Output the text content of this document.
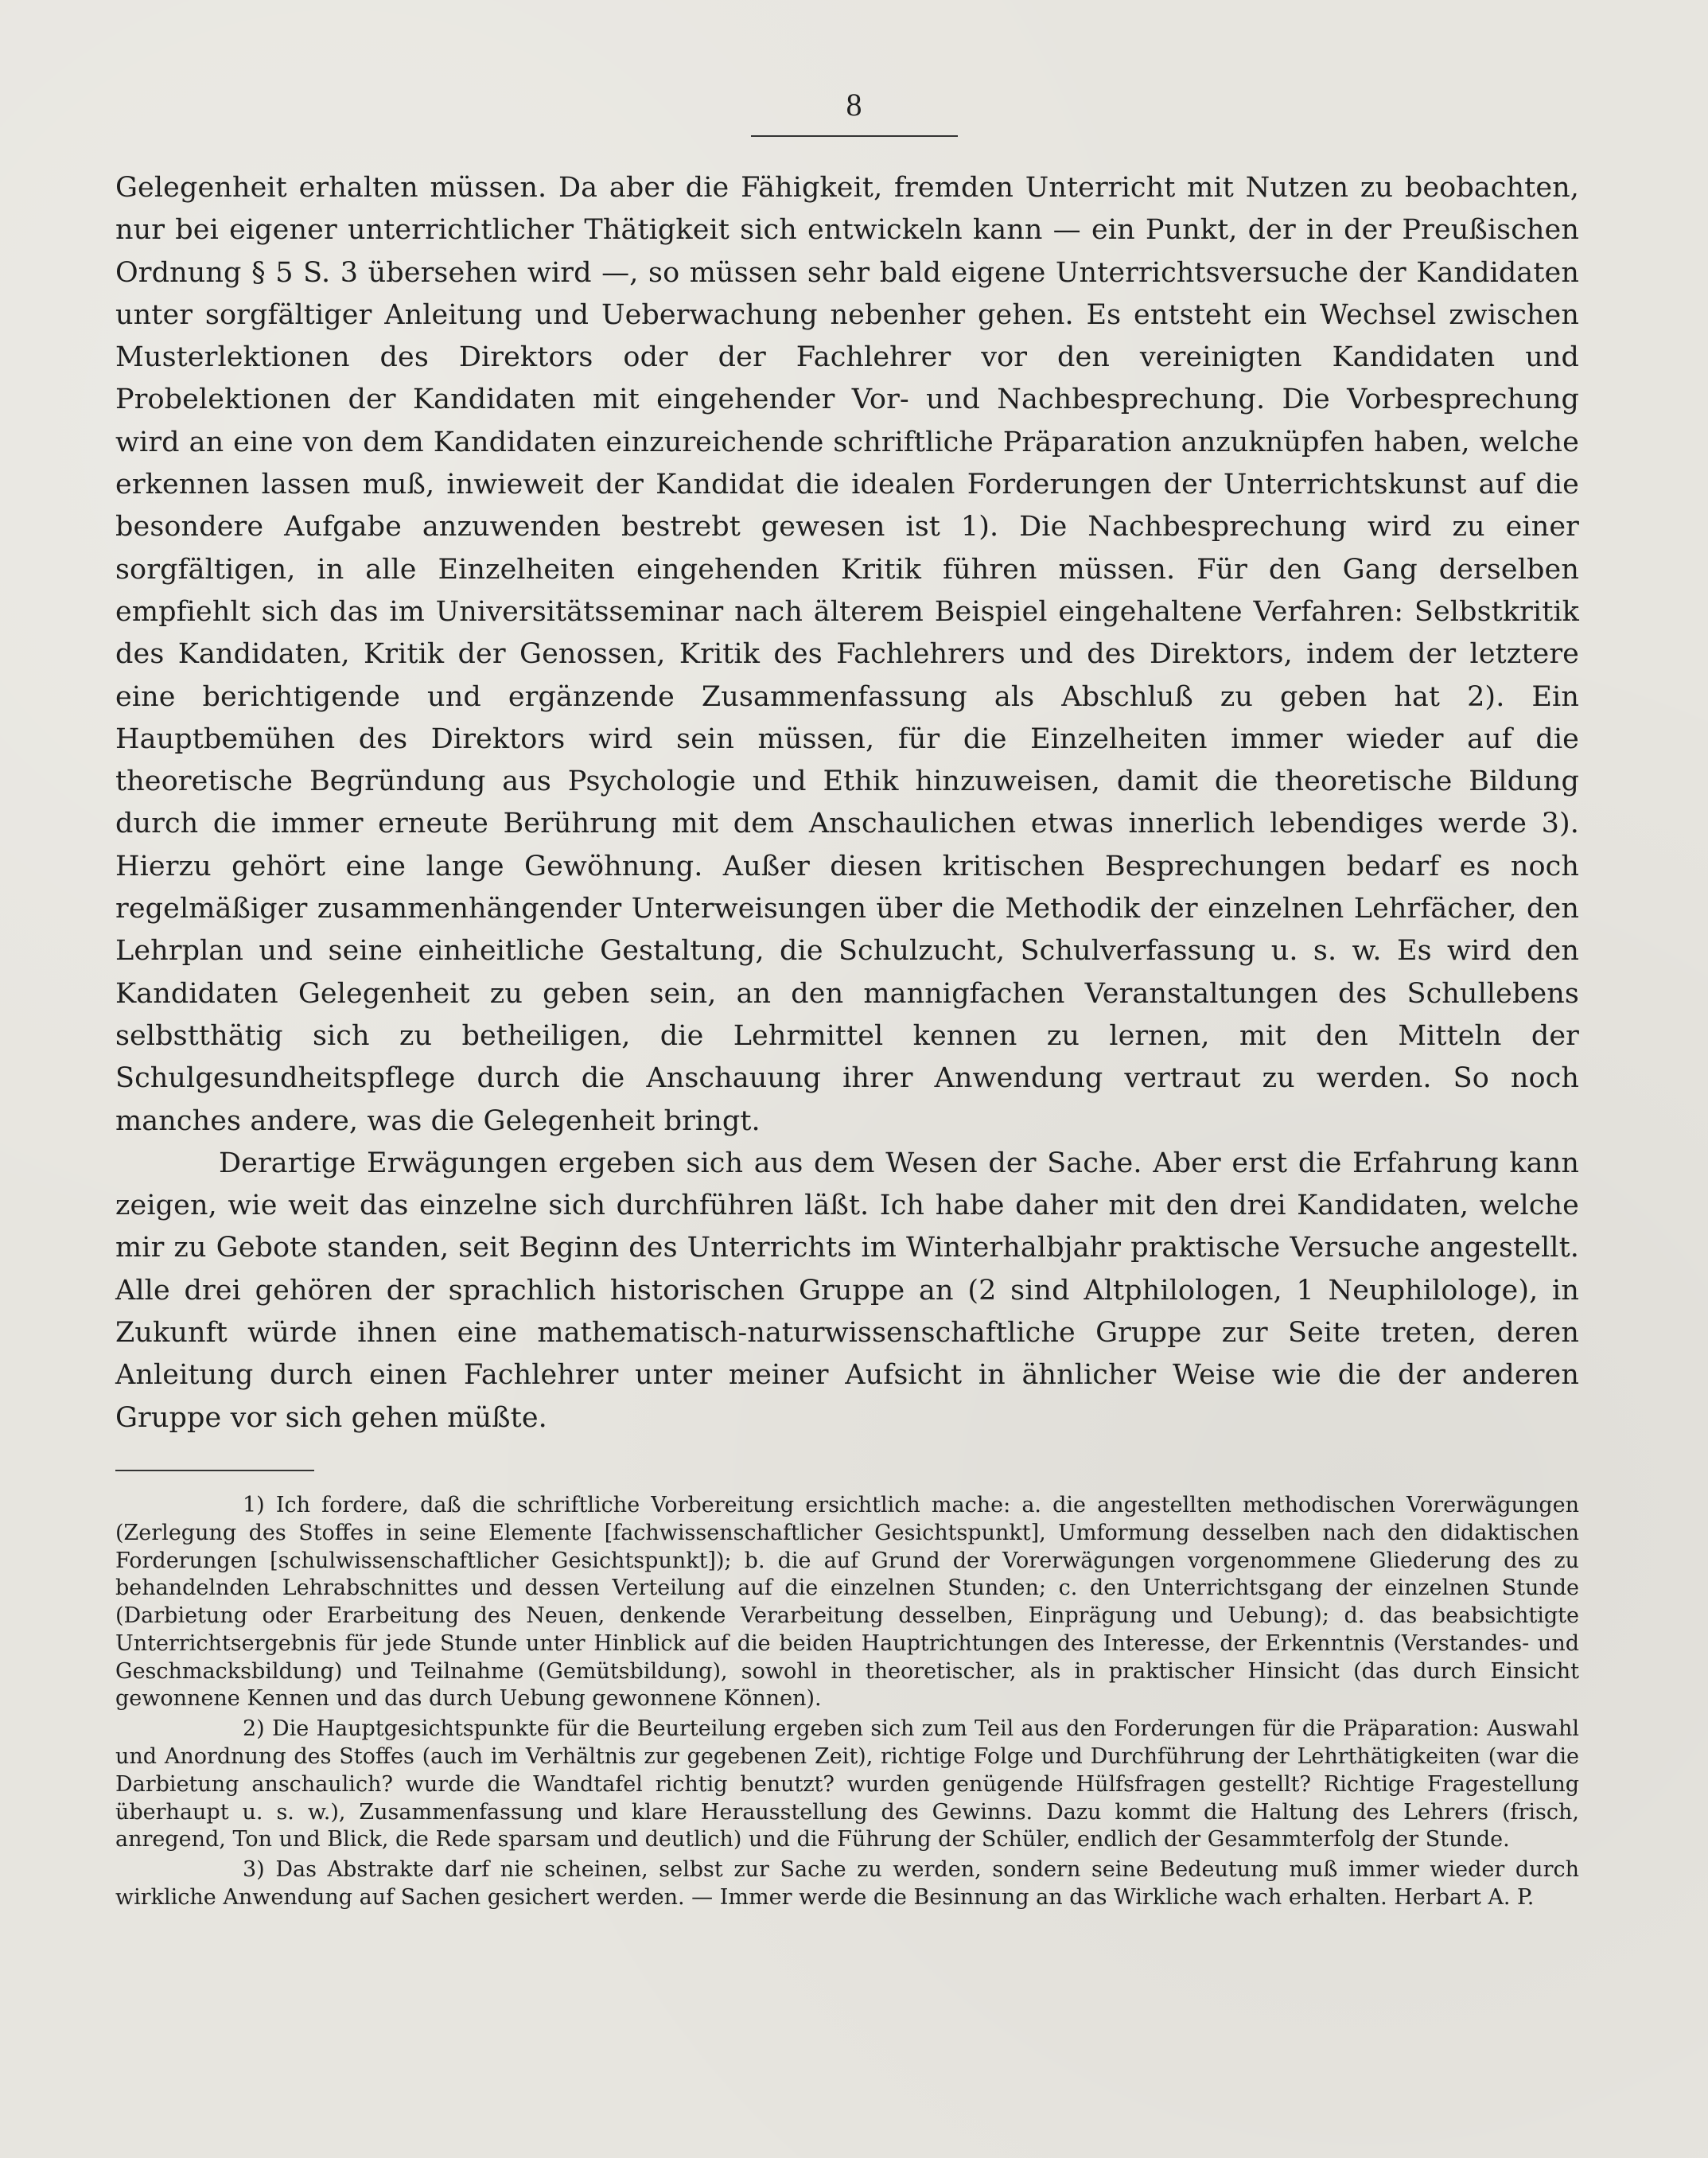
8

Gelegenheit erhalten müssen. Da aber die Fähigkeit, fremden Unterricht mit Nutzen zu beobachten, nur bei eigener unterrichtlicher Thätigkeit sich entwickeln kann — ein Punkt, der in der Preußischen Ordnung § 5 S. 3 übersehen wird —, so müssen sehr bald eigene Unterrichtsversuche der Kandidaten unter sorgfältiger Anleitung und Ueberwachung nebenher gehen. Es entsteht ein Wechsel zwischen Musterlektionen des Direktors oder der Fachlehrer vor den vereinigten Kandidaten und Probelektionen der Kandidaten mit eingehender Vor- und Nachbesprechung. Die Vorbesprechung wird an eine von dem Kandidaten einzureichende schriftliche Präparation anzuknüpfen haben, welche erkennen lassen muß, inwieweit der Kandidat die idealen Forderungen der Unterrichtskunst auf die besondere Aufgabe anzuwenden bestrebt gewesen ist 1). Die Nachbesprechung wird zu einer sorgfältigen, in alle Einzelheiten eingehenden Kritik führen müssen. Für den Gang derselben empfiehlt sich das im Universitätsseminar nach älterem Beispiel eingehaltene Verfahren: Selbstkritik des Kandidaten, Kritik der Genossen, Kritik des Fachlehrers und des Direktors, indem der letztere eine berichtigende und ergänzende Zusammenfassung als Abschluß zu geben hat 2). Ein Hauptbemühen des Direktors wird sein müssen, für die Einzelheiten immer wieder auf die theoretische Begründung aus Psychologie und Ethik hinzuweisen, damit die theoretische Bildung durch die immer erneute Berührung mit dem Anschaulichen etwas innerlich lebendiges werde 3). Hierzu gehört eine lange Gewöhnung. Außer diesen kritischen Besprechungen bedarf es noch regelmäßiger zusammenhängender Unterweisungen über die Methodik der einzelnen Lehrfächer, den Lehrplan und seine einheitliche Gestaltung, die Schulzucht, Schulverfassung u. s. w. Es wird den Kandidaten Gelegenheit zu geben sein, an den mannigfachen Veranstaltungen des Schullebens selbstthätig sich zu betheiligen, die Lehrmittel kennen zu lernen, mit den Mitteln der Schulgesundheitspflege durch die Anschauung ihrer Anwendung vertraut zu werden. So noch manches andere, was die Gelegenheit bringt.

Derartige Erwägungen ergeben sich aus dem Wesen der Sache. Aber erst die Erfahrung kann zeigen, wie weit das einzelne sich durchführen läßt. Ich habe daher mit den drei Kandidaten, welche mir zu Gebote standen, seit Beginn des Unterrichts im Winterhalbjahr praktische Versuche angestellt. Alle drei gehören der sprachlich historischen Gruppe an (2 sind Altphilologen, 1 Neuphilologe), in Zukunft würde ihnen eine mathematisch-naturwissenschaftliche Gruppe zur Seite treten, deren Anleitung durch einen Fachlehrer unter meiner Aufsicht in ähnlicher Weise wie die der anderen Gruppe vor sich gehen müßte.

1) Ich fordere, daß die schriftliche Vorbereitung ersichtlich mache: a. die angestellten methodischen Vorerwägungen (Zerlegung des Stoffes in seine Elemente [fachwissenschaftlicher Gesichtspunkt], Umformung desselben nach den didaktischen Forderungen [schulwissenschaftlicher Gesichtspunkt]); b. die auf Grund der Vorerwägungen vorgenommene Gliederung des zu behandelnden Lehrabschnittes und dessen Verteilung auf die einzelnen Stunden; c. den Unterrichtsgang der einzelnen Stunde (Darbietung oder Erarbeitung des Neuen, denkende Verarbeitung desselben, Einprägung und Uebung); d. das beabsichtigte Unterrichtsergebnis für jede Stunde unter Hinblick auf die beiden Hauptrichtungen des Interesse, der Erkenntnis (Verstandes- und Geschmacksbildung) und Teilnahme (Gemütsbildung), sowohl in theoretischer, als in praktischer Hinsicht (das durch Einsicht gewonnene Kennen und das durch Uebung gewonnene Können).

2) Die Hauptgesichtspunkte für die Beurteilung ergeben sich zum Teil aus den Forderungen für die Präparation: Auswahl und Anordnung des Stoffes (auch im Verhältnis zur gegebenen Zeit), richtige Folge und Durchführung der Lehrthätigkeiten (war die Darbietung anschaulich? wurde die Wandtafel richtig benutzt? wurden genügende Hülfsfragen gestellt? Richtige Fragestellung überhaupt u. s. w.), Zusammenfassung und klare Herausstellung des Gewinns. Dazu kommt die Haltung des Lehrers (frisch, anregend, Ton und Blick, die Rede sparsam und deutlich) und die Führung der Schüler, endlich der Gesammterfolg der Stunde.

3) Das Abstrakte darf nie scheinen, selbst zur Sache zu werden, sondern seine Bedeutung muß immer wieder durch wirkliche Anwendung auf Sachen gesichert werden. — Immer werde die Besinnung an das Wirkliche wach erhalten. Herbart A. P.
